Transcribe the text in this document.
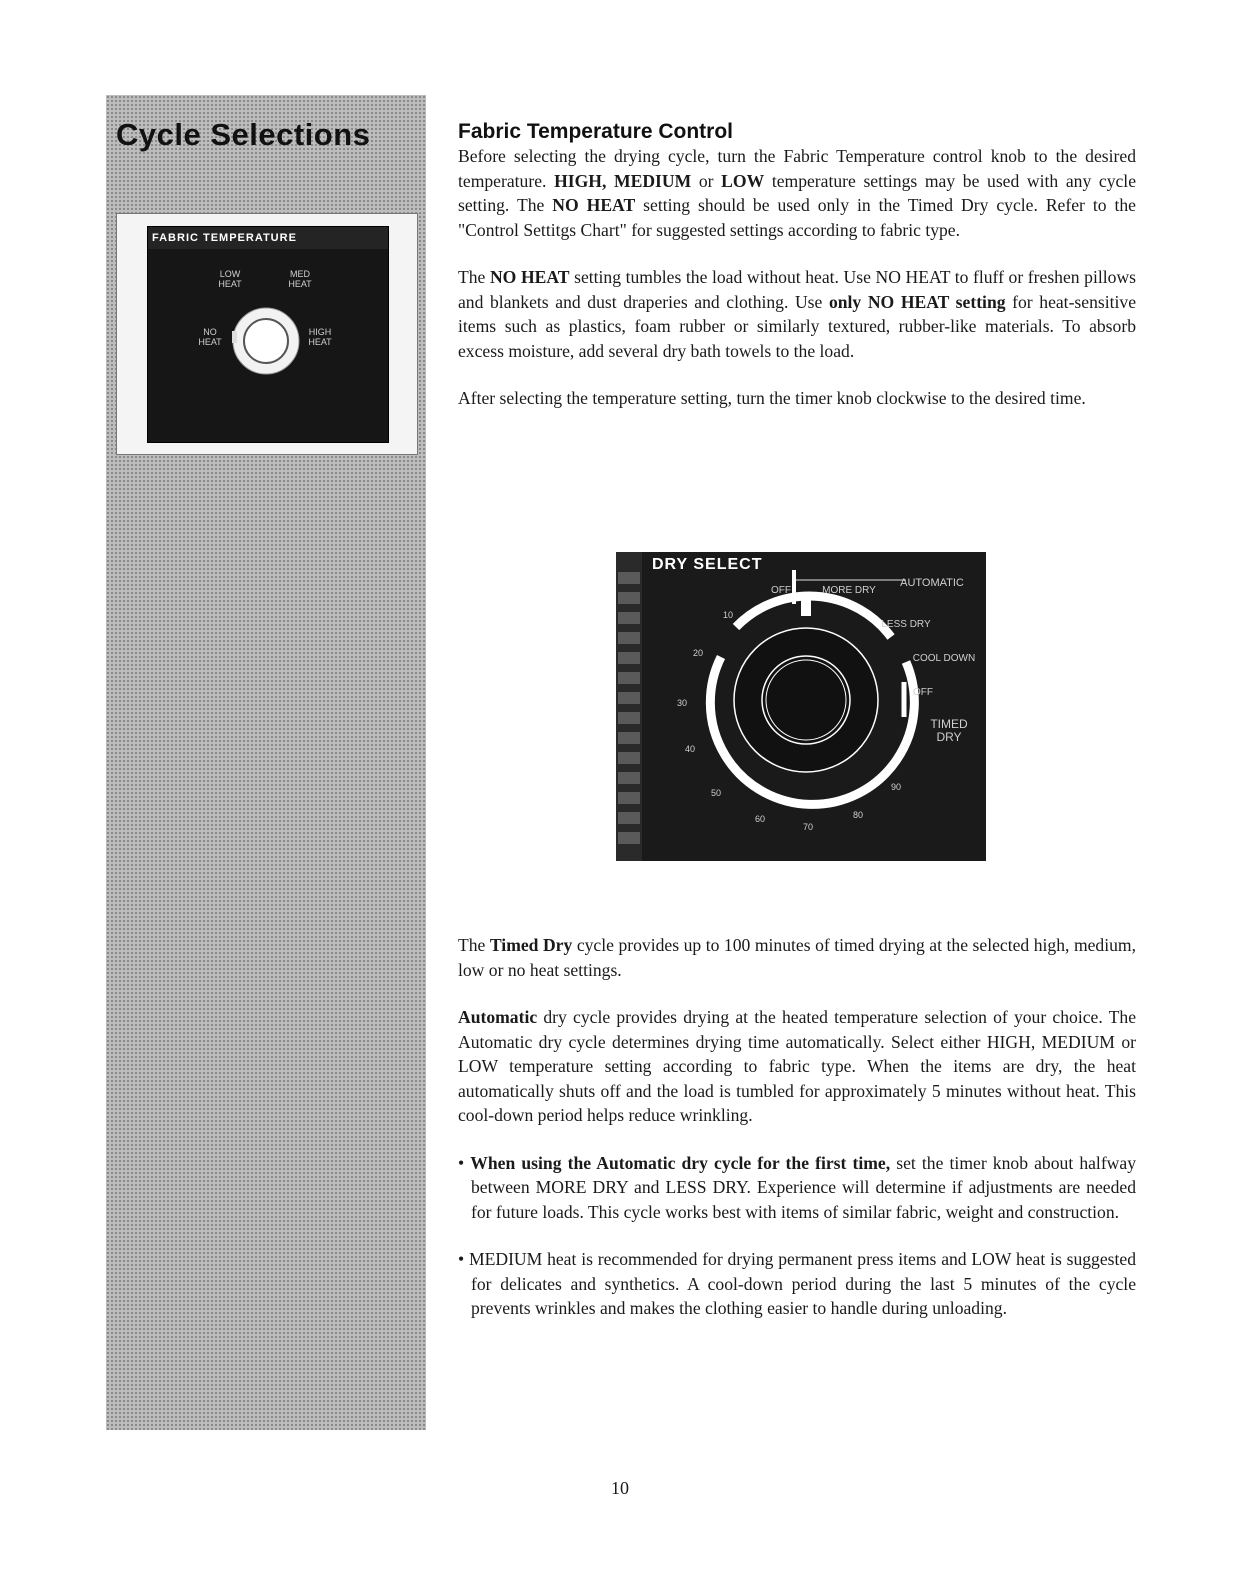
Cycle Selections
FABRIC TEMPERATURE
LOW
HEAT
MED
HEAT
NO
HEAT
HIGH
HEAT
Fabric Temperature Control

Before selecting the drying cycle, turn the Fabric Temperature control knob to the desired temperature. HIGH, MEDIUM or LOW temperature settings may be used with any cycle setting. The NO HEAT setting should be used only in the Timed Dry cycle. Refer to the "Control Settitgs Chart" for suggested settings according to fabric type.

The NO HEAT setting tumbles the load without heat. Use NO HEAT to fluff or freshen pillows and blankets and dust draperies and clothing. Use only NO HEAT setting for heat-sensitive items such as plastics, foam rubber or similarly textured, rubber-like materials. To absorb excess moisture, add several dry bath towels to the load.

After selecting the temperature setting, turn the timer knob clockwise to the desired time.

DRY SELECT
OFF	MORE DRY
AUTOMATIC
LESS DRY
COOL DOWN
OFF
TIMED
DRY
10
20
30
40
50
60
70
80
90

The Timed Dry cycle provides up to 100 minutes of timed drying at the selected high, medium, low or no heat settings.

Automatic dry cycle provides drying at the heated temperature selection of your choice. The Automatic dry cycle determines drying time automatically. Select either HIGH, MEDIUM or LOW temperature setting according to fabric type. When the items are dry, the heat automatically shuts off and the load is tumbled for approximately 5 minutes without heat. This cool-down period helps reduce wrinkling.

• When using the Automatic dry cycle for the first time, set the timer knob about halfway between MORE DRY and LESS DRY. Experience will determine if adjustments are needed for future loads. This cycle works best with items of similar fabric, weight and construction.

• MEDIUM heat is recommended for drying permanent press items and LOW heat is suggested for delicates and synthetics. A cool-down period during the last 5 minutes of the cycle prevents wrinkles and makes the clothing easier to handle during unloading.

10
